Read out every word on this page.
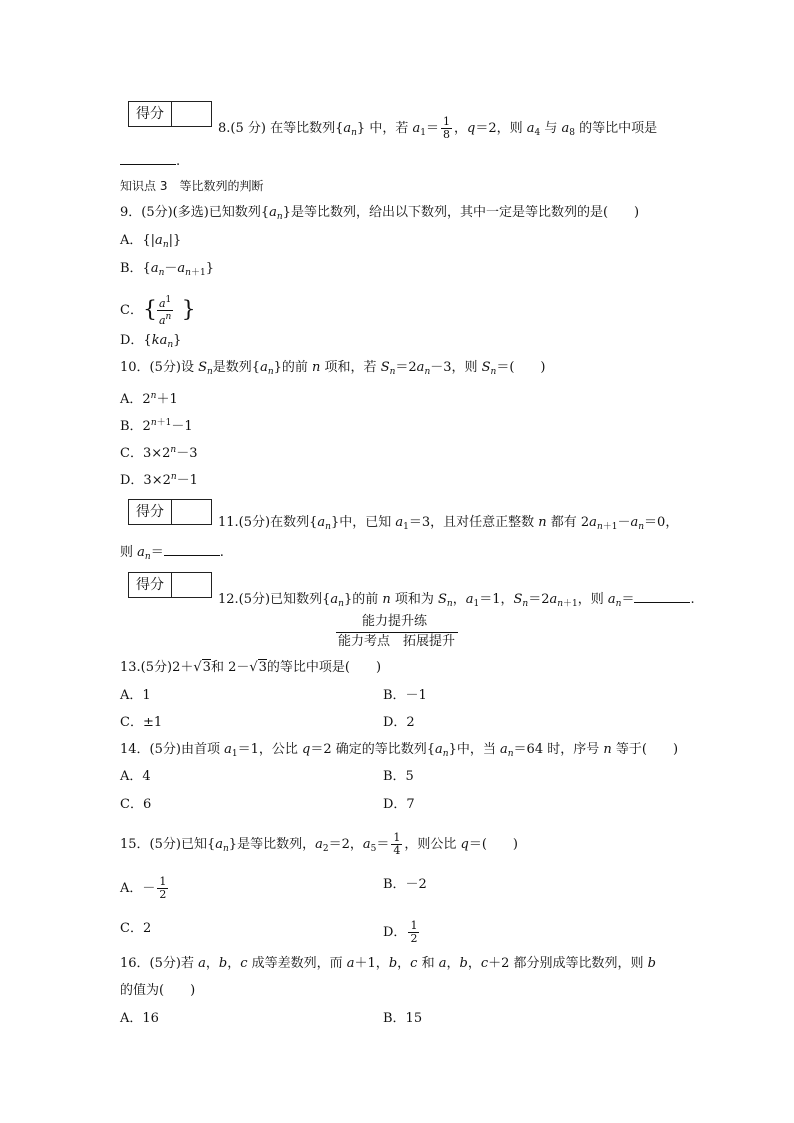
得分
8.(5 分) 在等比数列$\{a_n\}$ 中，若 $a_1= \frac{1}{8}$ ，q＝2，则 $a_4$ 与 $a_8$ 的等比中项是
.
知识点 3　等比数列的判断
9．(5分)(多选)已知数列$\{a_n\}$是等比数列，给出以下数列，其中一定是等比数列的是(　　)
A．$\{|a_n|\}$
B．$\{a_n-a_{n+1}\}$
C．{ $\frac{a^1}{a^n}$ }
D．$\{ka_n\}$
10．(5分)设 $S_n$是数列$\{a_n\}$的前 n 项和，若 $S_n=2a_n-3$，则 $S_n=$(　　)
A．$2^n+1$
B．$2^{n+1}-1$
C．$3\times 2^n-3$
D．$3\times 2^n-1$
得分
11.(5分)在数列$\{a_n\}$中，已知 $a_1=3$，且对任意正整数 n 都有 $2a_{n+1}-a_n=0$，
则 $a_n=$	.
得分
12.(5分)已知数列$\{a_n\}$的前 n 项和为 $S_n$，$a_1=1$，$S_n=2a_{n+1}$，则 $a_n=$	.
能力提升练
能力考点　拓展提升
13.(5分)2＋√3和 2－√3的等比中项是(　　)
A．1	B．－1
C．±1	D．2
14．(5分)由首项 $a_1=1$，公比 q＝2 确定的等比数列$\{a_n\}$中，当 $a_n=64$ 时，序号 n 等于(　　)
A．4	B．5
C．6	D．7
15．(5分)已知$\{a_n\}$是等比数列，$a_2=2$，$a_5= \frac{1}{4}$ ，则公比 q＝(　　)
A．－ $\frac{1}{2}$	B．－2
C．2	D． $\frac{1}{2}$
16．(5分)若 a，b，c 成等差数列，而 a＋1，b，c 和 a，b，c＋2 都分别成等比数列，则 b
的值为(　　)
A．16	B．15
